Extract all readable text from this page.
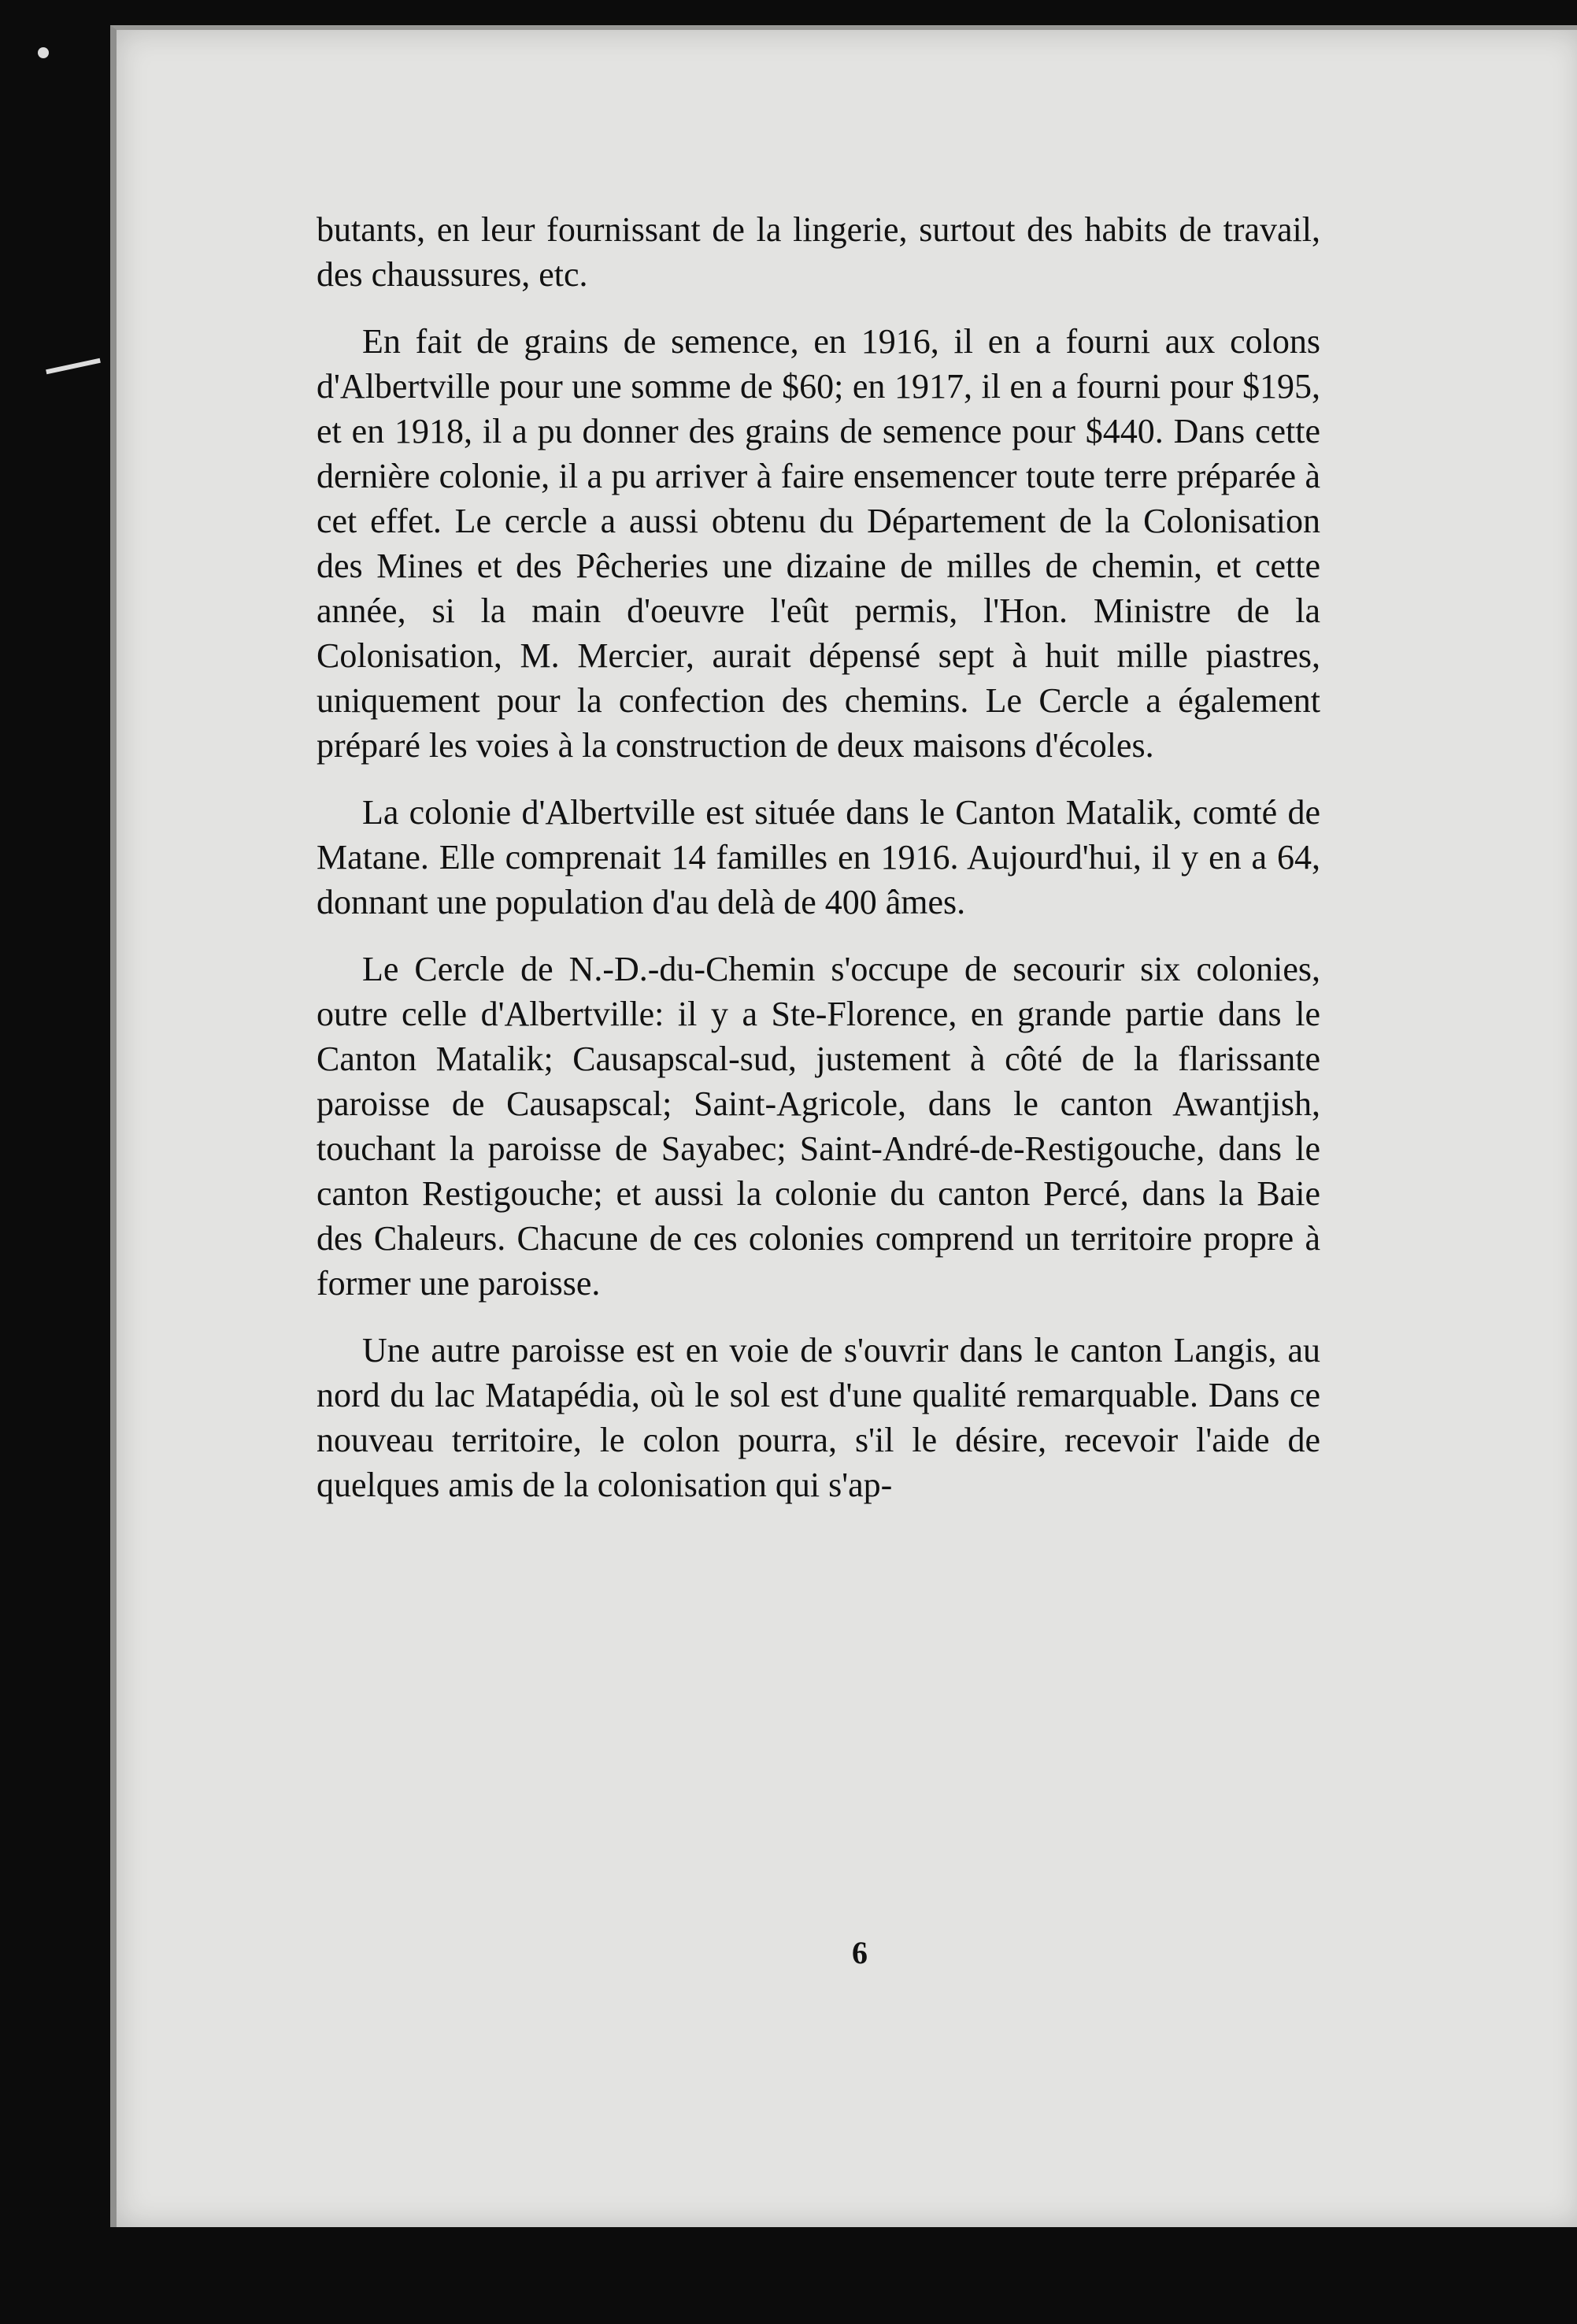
butants, en leur fournissant de la lingerie, surtout des habits de travail, des chaussures, etc.

En fait de grains de semence, en 1916, il en a fourni aux colons d'Albertville pour une somme de $60; en 1917, il en a fourni pour $195, et en 1918, il a pu donner des grains de semence pour $440. Dans cette dernière colonie, il a pu arriver à faire ensemencer toute terre préparée à cet effet. Le cercle a aussi obtenu du Département de la Colonisation des Mines et des Pêcheries une dizaine de milles de chemin, et cette année, si la main d'oeuvre l'eût permis, l'Hon. Ministre de la Colonisation, M. Mercier, aurait dépensé sept à huit mille piastres, uniquement pour la confection des chemins. Le Cercle a également préparé les voies à la construction de deux maisons d'écoles.

La colonie d'Albertville est située dans le Canton Matalik, comté de Matane. Elle comprenait 14 familles en 1916. Aujourd'hui, il y en a 64, donnant une population d'au delà de 400 âmes.

Le Cercle de N.-D.-du-Chemin s'occupe de secourir six colonies, outre celle d'Albertville: il y a Ste-Florence, en grande partie dans le Canton Matalik; Causapscal-sud, justement à côté de la flarissante paroisse de Causapscal; Saint-Agricole, dans le canton Awantjish, touchant la paroisse de Sayabec; Saint-André-de-Restigouche, dans le canton Restigouche; et aussi la colonie du canton Percé, dans la Baie des Chaleurs. Chacune de ces colonies comprend un territoire propre à former une paroisse.

Une autre paroisse est en voie de s'ouvrir dans le canton Langis, au nord du lac Matapédia, où le sol est d'une qualité remarquable. Dans ce nouveau territoire, le colon pourra, s'il le désire, recevoir l'aide de quelques amis de la colonisation qui s'ap-

6
